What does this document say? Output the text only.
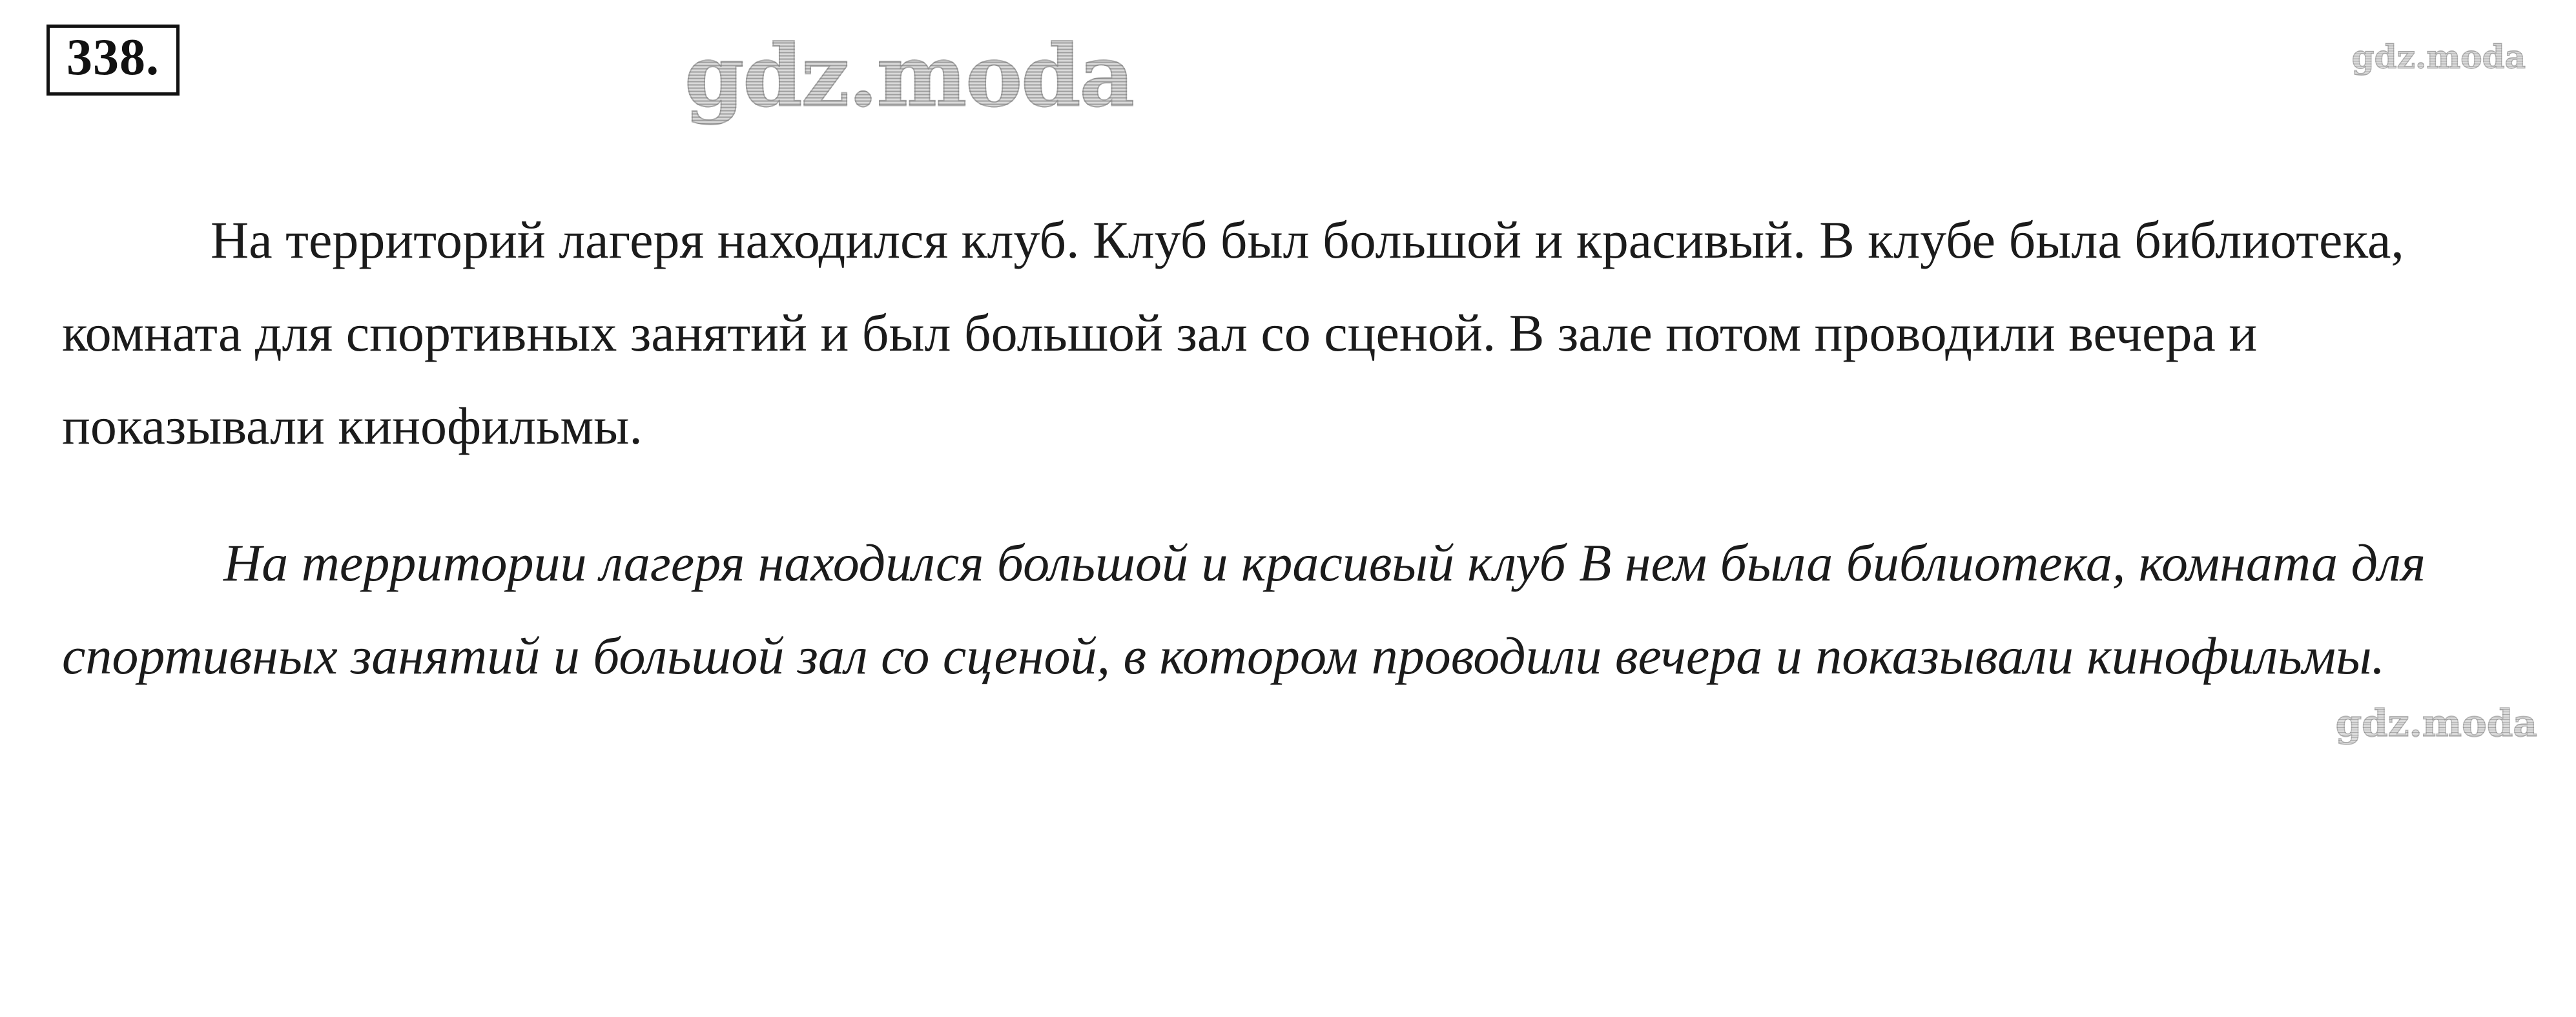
338.	gdz.moda	gdz.moda
gdz.moda
На территорий лагеря находился клуб. Клуб был большой и красивый. В клубе была библиотека, комната для спортивных занятий и был большой зал со сценой. В зале потом проводили вечера и показывали кинофильмы.
На территории лагеря находился большой и красивый клуб В нем была библиотека, комната для спортивных занятий и большой зал со сценой, в котором проводили вечера и показывали кинофильмы.
